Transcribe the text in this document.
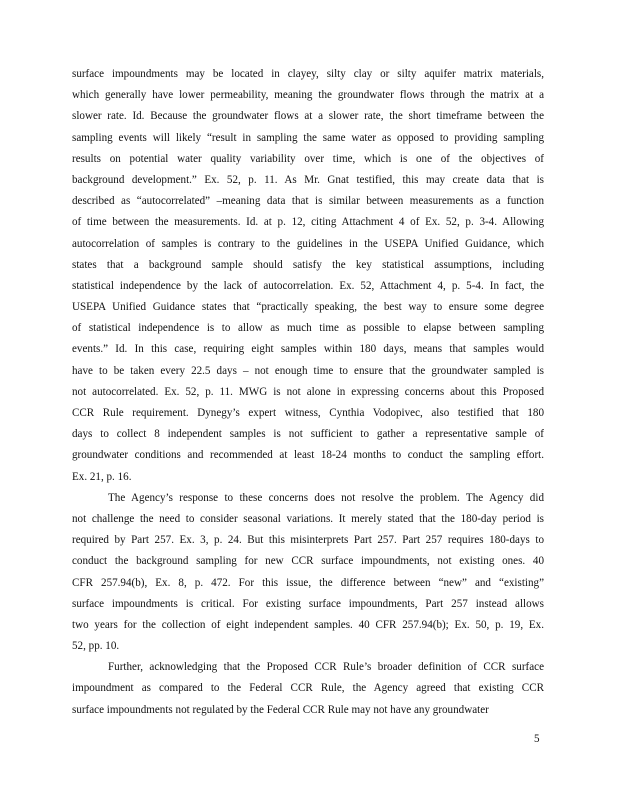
surface impoundments may be located in clayey, silty clay or silty aquifer matrix materials,
which generally have lower permeability, meaning the groundwater flows through the matrix at a
slower rate. Id. Because the groundwater flows at a slower rate, the short timeframe between the
sampling events will likely “result in sampling the same water as opposed to providing sampling
results on potential water quality variability over time, which is one of the objectives of
background development.” Ex. 52, p. 11. As Mr. Gnat testified, this may create data that is
described as “autocorrelated” –meaning data that is similar between measurements as a function
of time between the measurements. Id. at p. 12, citing Attachment 4 of Ex. 52, p. 3-4. Allowing
autocorrelation of samples is contrary to the guidelines in the USEPA Unified Guidance, which
states that a background sample should satisfy the key statistical assumptions, including
statistical independence by the lack of autocorrelation. Ex. 52, Attachment 4, p. 5-4. In fact, the
USEPA Unified Guidance states that “practically speaking, the best way to ensure some degree
of statistical independence is to allow as much time as possible to elapse between sampling
events.” Id. In this case, requiring eight samples within 180 days, means that samples would
have to be taken every 22.5 days – not enough time to ensure that the groundwater sampled is
not autocorrelated. Ex. 52, p. 11. MWG is not alone in expressing concerns about this Proposed
CCR Rule requirement. Dynegy’s expert witness, Cynthia Vodopivec, also testified that 180
days to collect 8 independent samples is not sufficient to gather a representative sample of
groundwater conditions and recommended at least 18-24 months to conduct the sampling effort.
Ex. 21, p. 16.
The Agency’s response to these concerns does not resolve the problem. The Agency did
not challenge the need to consider seasonal variations. It merely stated that the 180-day period is
required by Part 257. Ex. 3, p. 24. But this misinterprets Part 257. Part 257 requires 180-days to
conduct the background sampling for new CCR surface impoundments, not existing ones. 40
CFR 257.94(b), Ex. 8, p. 472. For this issue, the difference between “new” and “existing”
surface impoundments is critical. For existing surface impoundments, Part 257 instead allows
two years for the collection of eight independent samples. 40 CFR 257.94(b); Ex. 50, p. 19, Ex.
52, pp. 10.
Further, acknowledging that the Proposed CCR Rule’s broader definition of CCR surface
impoundment as compared to the Federal CCR Rule, the Agency agreed that existing CCR
surface impoundments not regulated by the Federal CCR Rule may not have any groundwater
5
